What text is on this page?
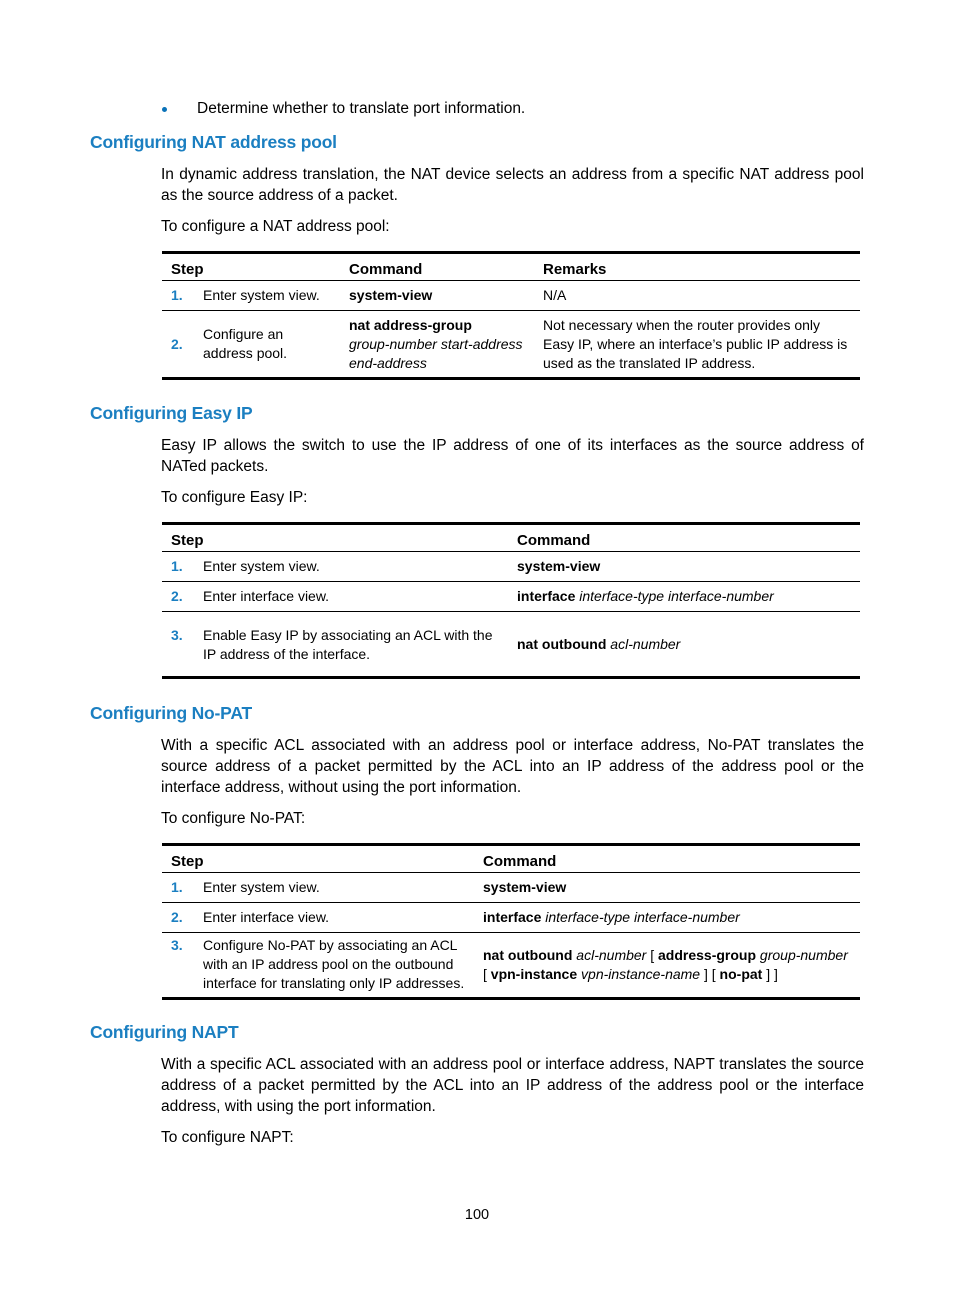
Determine whether to translate port information.
Configuring NAT address pool

In dynamic address translation, the NAT device selects an address from a specific NAT address pool as the source address of a packet.

To configure a NAT address pool:

Step		Command	Remarks
1.	Enter system view.	system-view	N/A
2.	Configure an address pool.	nat address-group
group-number start-address end-address	Not necessary when the router provides only Easy IP, where an interface’s public IP address is used as the translated IP address.
Configuring Easy IP

Easy IP allows the switch to use the IP address of one of its interfaces as the source address of NATed packets.

To configure Easy IP:

Step		Command
1.	Enter system view.	system-view
2.	Enter interface view.	interface interface-type interface-number
3.	Enable Easy IP by associating an ACL with the IP address of the interface.	nat outbound acl-number
Configuring No-PAT

With a specific ACL associated with an address pool or interface address, No-PAT translates the source address of a packet permitted by the ACL into an IP address of the address pool or the interface address, without using the port information.

To configure No-PAT:

Step		Command
1.	Enter system view.	system-view
2.	Enter interface view.	interface interface-type interface-number
3.	Configure No-PAT by associating an ACL with an IP address pool on the outbound interface for translating only IP addresses.	nat outbound acl-number [ address-group group-number [ vpn-instance vpn-instance-name ] [ no-pat ] ]
Configuring NAPT

With a specific ACL associated with an address pool or interface address, NAPT translates the source address of a packet permitted by the ACL into an IP address of the address pool or the interface address, with using the port information.

To configure NAPT:

100
